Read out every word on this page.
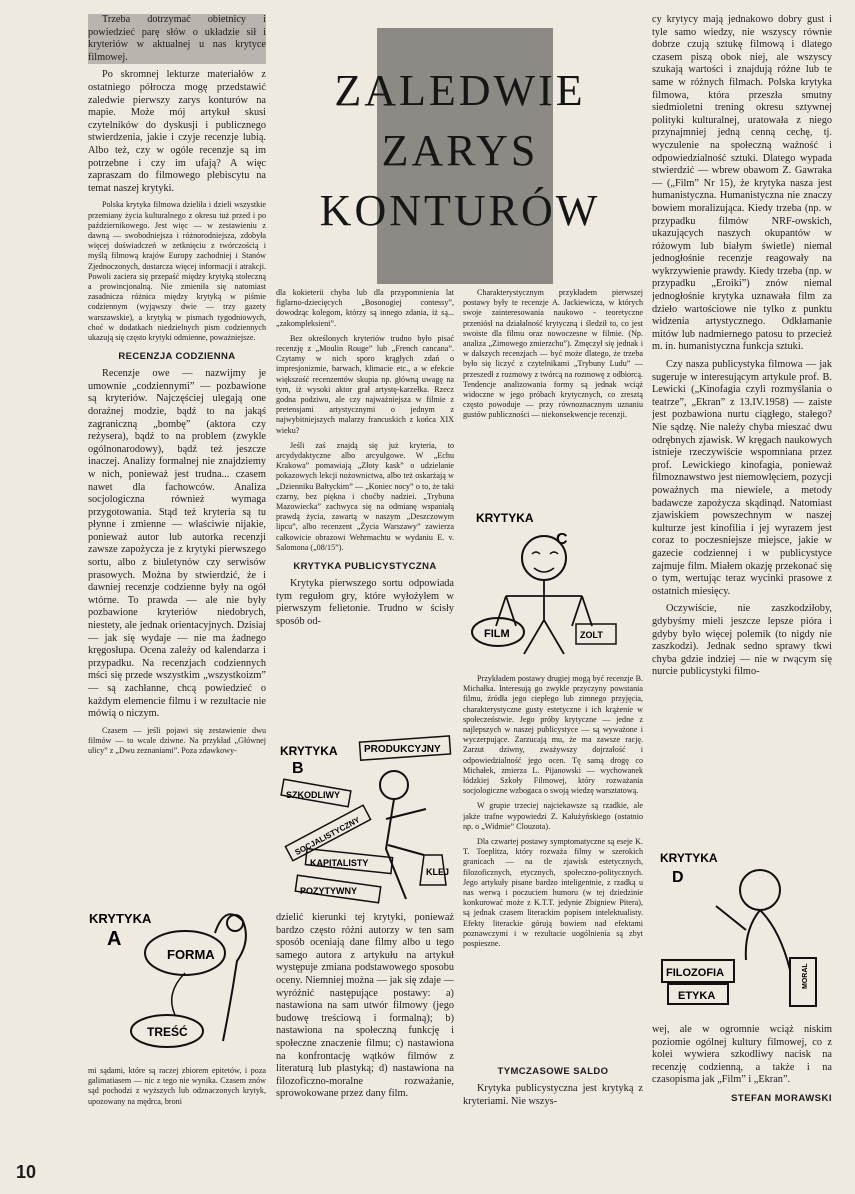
ZALEDWIE
ZARYS
KONTURÓW

Trzeba dotrzymać obietnicy i powiedzieć parę słów o układzie sił i kryteriów w aktualnej u nas krytyce filmowej.

Po skromnej lekturze materiałów z ostatniego półrocza mogę przedstawić zaledwie pierwszy zarys konturów na mapie. Może mój artykuł skusi czytelników do dyskusji i publicznego stwierdzenia, jakie i czyje recenzje lubią. Albo też, czy w ogóle recenzje są im potrzebne i czy im ufają? A więc zapraszam do filmowego plebiscytu na temat naszej krytyki.

Polska krytyka filmowa dzieliła i dzieli wszystkie przemiany życia kulturalnego z okresu tuż przed i po październikowego. Jest więc — w zestawieniu z dawną — swobodniejsza i różnorodniejsza, zdobyła więcej doświadczeń w zetknięciu z twórczością i myślą filmową krajów Europy zachodniej i Stanów Zjednoczonych, dostarcza więcej informacji i atrakcji. Powoli zaciera się przepaść między krytyką stołeczną a prowincjonalną. Nie zmieniła się natomiast zasadnicza różnica między krytyką w piśmie codziennym (wyjąwszy dwie — trzy gazety warszawskie), a krytyką w pismach tygodniowych, choć w dodatkach niedzielnych pism codziennych ukazują się często krytyki odmienne, poważniejsze.

RECENZJA CODZIENNA

Recenzje owe — nazwijmy je umownie „codziennymi” — pozbawione są kryteriów. Najczęściej ulegają one doraźnej modzie, bądź to na jakąś zagraniczną „bombę” (aktora czy reżysera), bądź to na problem (zwykle ogólnonarodowy), bądź też jeszcze inaczej. Analizy formalnej nie znajdziemy w nich, ponieważ jest trudna... czasem nawet dla fachowców. Analiza socjologiczna również wymaga przygotowania. Stąd też kryteria są tu płynne i zmienne — właściwie nijakie, ponieważ autor lub autorka recenzji zawsze zapożycza je z krytyki pierwszego sortu, albo z biuletynów czy serwisów prasowych. Można by stwierdzić, że i dawniej recenzje codzienne były na ogół wtórne. To prawda — ale nie były pozbawione kryteriów niedobrych, niestety, ale jednak orientacyjnych. Dzisiaj — jak się wydaje — nie ma żadnego kręgosłupa. Ocena zależy od kalendarza i przypadku. Na recenzjach codziennych mści się przede wszystkim „wszystkoizm” — są zachłanne, chcą powiedzieć o każdym elemencie filmu i w rezultacie nie mówią o niczym.

Czasem — jeśli pojawi się zestawienie dwu filmów — to wcale dziwne. Na przykład „Głównej ulicy” z „Dwu zeznaniami”. Poza zdawkowy-

mi sądami, które są raczej zbiorem epitetów, i poza galimatiasem — nic z tego nie wynika. Czasem znów sąd pochodzi z wyższych lub odznaczonych krytyk, upozowany na mędrca, broni

KRYTYKA
A
FORMA
TREŚĆ

dla kokieterii chyba lub dla przypomnienia lat figlarno-dziecięcych „Bosonogiej contessy”, dowodząc kolegom, którzy są innego zdania, iż są... „zakompleksieni”.

Bez określonych kryteriów trudno było pisać recenzję z „Moulin Rouge” lub „French cancana”. Czytamy w nich sporo krągłych zdań o impresjonizmie, barwach, klimacie etc., a w efekcie większość recenzentów skupia np. główną uwagę na tym, iż wysoki aktor grał artystę-karzełka. Rzecz godna podziwu, ale czy najważniejsza w filmie z pretensjami artystycznymi o jednym z najwybitniejszych malarzy francuskich z końca XIX wieku?

Jeśli zaś znajdą się już kryteria, to arcydydaktyczne albo arcyulgowe. W „Echu Krakowa” pomawiają „Złoty kask” o udzielanie pokazowych lekcji nożownictwa, albo też oskarżają w „Dzienniku Bałtyckim” — „Koniec nocy” o to, że taki czarny, bez piękna i choćby nadziei. „Trybuna Mazowiecka” zachwyca się na odmianę wspaniałą prawdą życia, zawartą w naszym „Deszczowym lipcu”, albo recenzent „Życia Warszawy” zawierza całkowicie obrazowi Wehrmachtu w wydaniu E. v. Salomona („08/15”).

KRYTYKA PUBLICYSTYCZNA

Krytyka pierwszego sortu odpowiada tym regułom gry, które wyłożyłem w pierwszym felietonie. Trudno w ścisły sposób od-

KRYTYKA
B
PRODUKCYJNY
SZKODLIWY
SOCJALISTYCZNY
KAPITALISTY
POZYTYWNY
KLEJ

dzielić kierunki tej krytyki, ponieważ bardzo często różni autorzy w ten sam sposób oceniają dane filmy albo u tego samego autora z artykułu na artykuł występuje zmiana podstawowego sposobu oceny. Niemniej można — jak się zdaje — wyróżnić następujące postawy: a) nastawiona na sam utwór filmowy (jego budowę treściową i formalną); b) nastawiona na społeczną funkcję i społeczne znaczenie filmu; c) nastawiona na konfrontację wątków filmów z literaturą lub plastyką; d) nastawiona na filozoficzno-moralne rozważanie, sprowokowane przez dany film.

Charakterystycznym przykładem pierwszej postawy były te recenzje A. Jackiewicza, w których swoje zainteresowania naukowo - teoretyczne przeniósł na działalność krytyczną i śledził to, co jest swoiste dla filmu oraz nowoczesne w filmie. (Np. analiza „Zimowego zmierzchu”). Zmęczył się jednak i w dalszych recenzjach — być może dlatego, że trzeba było się liczyć z czytelnikami „Trybuny Ludu” — przeszedł z rozmowy z twórcą na rozmowę z odbiorcą. Tendencje analizowania formy są jednak wciąż widoczne w jego próbach krytycznych, co zresztą często powoduje — przy równoznacznym uznaniu gustów publiczności — niekonsekwencje recenzji.

KRYTYKA
C
FILM	ZOLT

Przykładem postawy drugiej mogą być recenzje B. Michałka. Interesują go zwykle przyczyny powstania filmu, źródła jego ciepłego lub zimnego przyjęcia, charakterystyczne gusty estetyczne i ich krążenie w społeczeństwie. Jego próby krytyczne — jedne z najlepszych w naszej publicystyce — są wyważone i wyczerpujące. Zarzucają mu, że ma zawsze rację. Zarzut dziwny, zważywszy dojrzałość i odpowiedzialność jego ocen. Tę samą drogę co Michałek, zmierza L. Pijanowski — wychowanek łódzkiej Szkoły Filmowej, który rozważania socjologiczne wzbogaca o swoją wiedzę warsztatową.

W grupie trzeciej najciekawsze są rzadkie, ale jakże trafne wypowiedzi Z. Kałużyńskiego (ostatnio np. o „Widmie” Clouzota).

Dla czwartej postawy symptomatyczne są eseje K. T. Toeplitza, który rozważa filmy w szerokich granicach — na tle zjawisk estetycznych, filozoficznych, etycznych, społeczno-politycznych. Jego artykuły pisane bardzo inteligentnie, z rzadką u nas werwą i poczuciem humoru (w tej dziedzinie konkurować może z K.T.T. jedynie Zbigniew Pitera), są jednak czasem literackim popisem intelektualisty. Efekty literackie górują bowiem nad efektami poznawczymi i w rezultacie uogólnienia są zbyt pospieszne.

TYMCZASOWE SALDO

Krytyka publicystyczna jest krytyką z kryteriami. Nie wszys-

cy krytycy mają jednakowo dobry gust i tyle samo wiedzy, nie wszyscy równie dobrze czują sztukę filmową i dlatego czasem piszą obok niej, ale wszyscy szukają wartości i znajdują różne lub te same w różnych filmach. Polska krytyka filmowa, która przeszła smutny siedmioletni trening okresu sztywnej polityki kulturalnej, uratowała z niego przynajmniej jedną cenną cechę, tj. wyczulenie na społeczną ważność i odpowiedzialność sztuki. Dlatego wypada stwierdzić — wbrew obawom Z. Gawraka — („Film” Nr 15), że krytyka nasza jest humanistyczna. Humanistyczna nie znaczy bowiem moralizująca. Kiedy trzeba (np. w przypadku filmów NRF-owskich, ukazujących naszych okupantów w różowym lub białym świetle) niemal jednogłośnie recenzje reagowały na wykrzywienie prawdy. Kiedy trzeba (np. w przypadku „Eroiki”) znów niemal jednogłośnie krytyka uznawała film za dzieło wartościowe nie tylko z punktu widzenia artystycznego. Odkłamanie mitów lub nadmiernego patosu to przecież m. in. humanistyczna funkcja sztuki.

Czy nasza publicystyka filmowa — jak sugeruje w interesującym artykule prof. B. Lewicki („Kinofagia czyli rozmyślania o teatrze”, „Ekran” z 13.IV.1958) — zaiste jest pozbawiona nurtu ciągłego, stałego? Nie sądzę. Nie należy chyba mieszać dwu odrębnych zjawisk. W kręgach naukowych istnieje rzeczywiście wspomniana przez prof. Lewickiego kinofagia, ponieważ filmoznawstwo jest niemowlęciem, pozycji poważnych ma niewiele, a metody badawcze zapożycza skądinąd. Natomiast zjawiskiem powszechnym w naszej kulturze jest kinofilia i jej wyrazem jest coraz to poczesniejsze miejsce, jakie w gazecie codziennej i w publicystyce zajmuje film. Miałem okazję przekonać się o tym, wertując teraz wycinki prasowe z ostatnich miesięcy.

Oczywiście, nie zaszkodziłoby, gdybyśmy mieli jeszcze lepsze pióra i gdyby było więcej polemik (to nigdy nie zaszkodzi). Jednak sedno sprawy tkwi chyba gdzie indziej — nie w rwącym się nurcie publicystyki filmo-

KRYTYKA
D
FILOZOFIA
ETYKA
MORAL

wej, ale w ogromnie wciąż niskim poziomie ogólnej kultury filmowej, co z kolei wywiera szkodliwy nacisk na recenzję codzienną, a także i na czasopisma jak „Film” i „Ekran”.

STEFAN MORAWSKI
10
